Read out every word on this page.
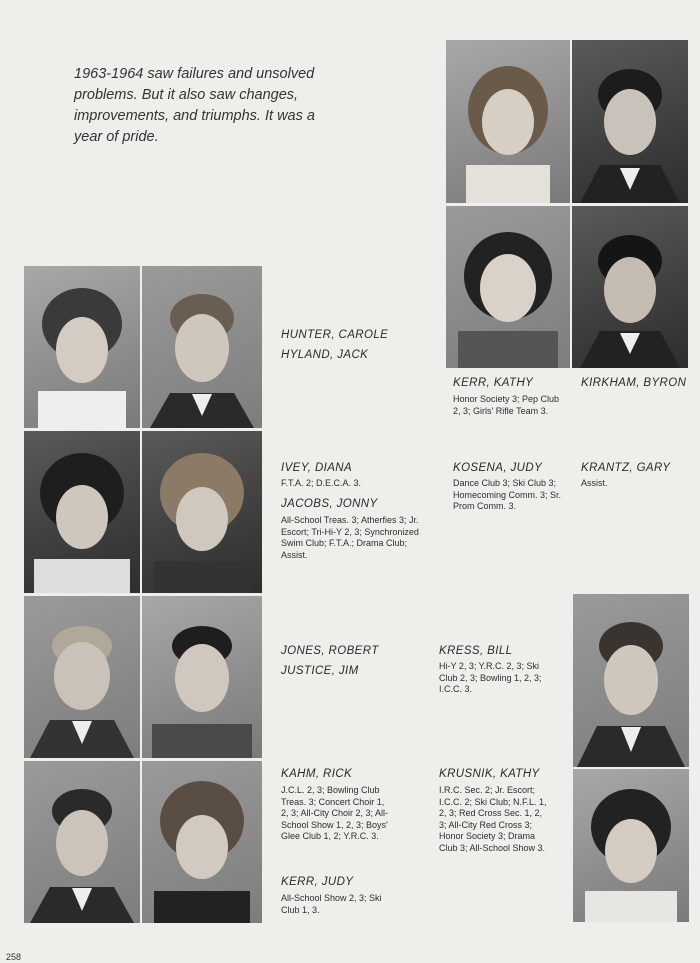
1963-1964 saw failures and unsolved problems. But it also saw changes, improvements, and triumphs. It was a year of pride.
HUNTER, CAROLE
HYLAND, JACK
KERR, KATHY
Honor Society 3; Pep Club 2, 3; Girls' Rifle Team 3.
KIRKHAM, BYRON
IVEY, DIANA
F.T.A. 2; D.E.C.A. 3.
JACOBS, JONNY
All-School Treas. 3; Atherfies 3; Jr. Escort; Tri-Hi-Y 2, 3; Synchronized Swim Club; F.T.A.; Drama Club; Assist.
KOSENA, JUDY
Dance Club 3; Ski Club 3; Homecoming Comm. 3; Sr. Prom Comm. 3.
KRANTZ, GARY
Assist.
JONES, ROBERT
JUSTICE, JIM
KRESS, BILL
Hi-Y 2, 3; Y.R.C. 2, 3; Ski Club 2, 3; Bowling 1, 2, 3; I.C.C. 3.
KAHM, RICK
J.C.L. 2, 3; Bowling Club Treas. 3; Concert Choir 1, 2, 3; All-City Choir 2, 3; All-School Show 1, 2, 3; Boys' Glee Club 1, 2; Y.R.C. 3.
KERR, JUDY
All-School Show 2, 3; Ski Club 1, 3.
KRUSNIK, KATHY
I.R.C. Sec. 2; Jr. Escort; I.C.C. 2; Ski Club; N.F.L. 1, 2, 3; Red Cross Sec. 1, 2, 3; All-City Red Cross 3; Honor Society 3; Drama Club 3; All-School Show 3.
258
